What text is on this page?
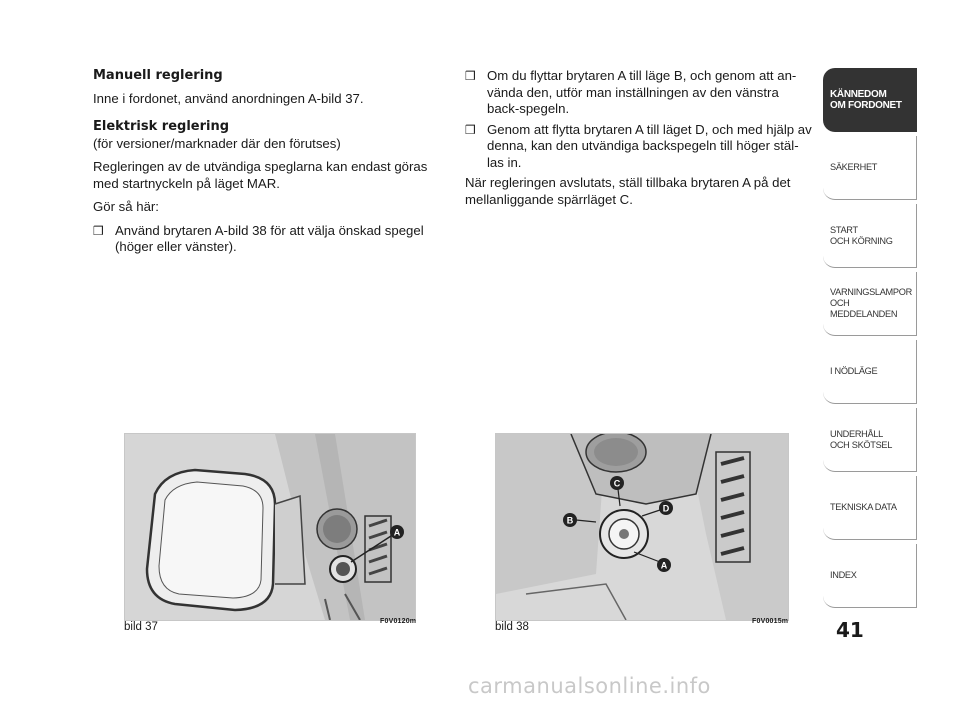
Manuell reglering

Inne i fordonet, använd anordningen A-bild 37.

Elektrisk reglering

(för versioner/marknader där den förutses)

Regleringen av de utvändiga speglarna kan endast göras med startnyckeln på läget MAR.

Gör så här:

❒ Använd brytaren A-bild 38 för att välja önskad spegel (höger eller vänster).
❒ Om du flyttar brytaren A till läge B, och genom att an-vända den, utför man inställningen av den vänstra back-spegeln.
❒ Genom att flytta brytaren A till läget D, och med hjälp av denna, kan den utvändiga backspegeln till höger stäl-las in.

När regleringen avslutats, ställ tillbaka brytaren A på det mellanliggande spärrläget C.

A
bild 37	F0V0120m
B
C
D
A
bild 38	F0V0015m
KÄNNEDOM
OM FORDONET
SÄKERHET
START
OCH KÖRNING
VARNINGSLAMPOR
OCH
MEDDELANDEN
I NÖDLÄGE
UNDERHÅLL
OCH SKÖTSEL
TEKNISKA DATA
INDEX
41
carmanualsonline.info
